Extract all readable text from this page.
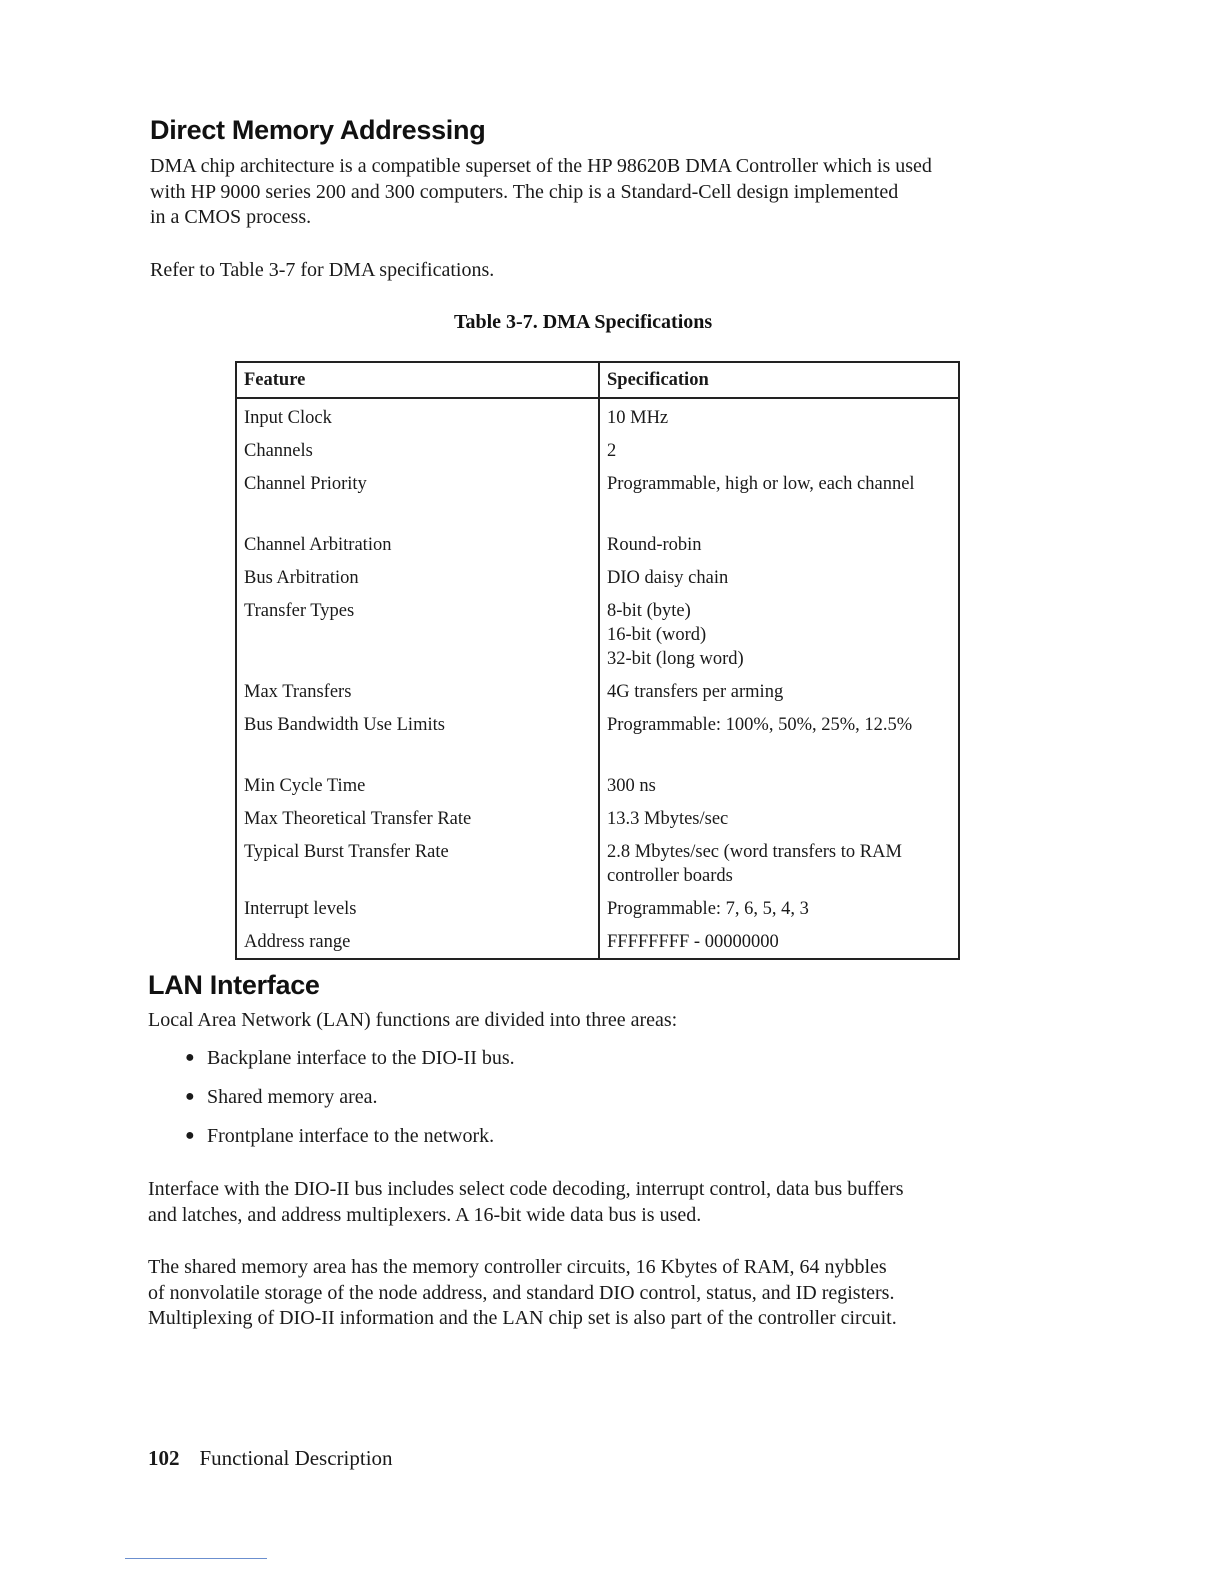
Direct Memory Addressing

DMA chip architecture is a compatible superset of the HP 98620B DMA Controller which is used
with HP 9000 series 200 and 300 computers. The chip is a Standard-Cell design implemented
in a CMOS process.

Refer to Table 3-7 for DMA specifications.

Table 3-7. DMA Specifications

Feature	Specification
Input Clock	10 MHz

Channels	2

Channel Priority	Programmable, high or low, each channel

Channel Arbitration	Round-robin

Bus Arbitration	DIO daisy chain

Transfer Types	8-bit (byte)
16-bit (word)
32-bit (long word)

Max Transfers	4G transfers per arming

Bus Bandwidth Use Limits	Programmable: 100%, 50%, 25%, 12.5%

Min Cycle Time	300 ns

Max Theoretical Transfer Rate	13.3 Mbytes/sec

Typical Burst Transfer Rate	2.8 Mbytes/sec (word transfers to RAM
controller boards

Interrupt levels	Programmable: 7, 6, 5, 4, 3

Address range	FFFFFFFF - 00000000
LAN Interface

Local Area Network (LAN) functions are divided into three areas:

● Backplane interface to the DIO-II bus.
● Shared memory area.
● Frontplane interface to the network.

Interface with the DIO-II bus includes select code decoding, interrupt control, data bus buffers
and latches, and address multiplexers. A 16-bit wide data bus is used.

The shared memory area has the memory controller circuits, 16 Kbytes of RAM, 64 nybbles
of nonvolatile storage of the node address, and standard DIO control, status, and ID registers.
Multiplexing of DIO-II information and the LAN chip set is also part of the controller circuit.

102 Functional Description
